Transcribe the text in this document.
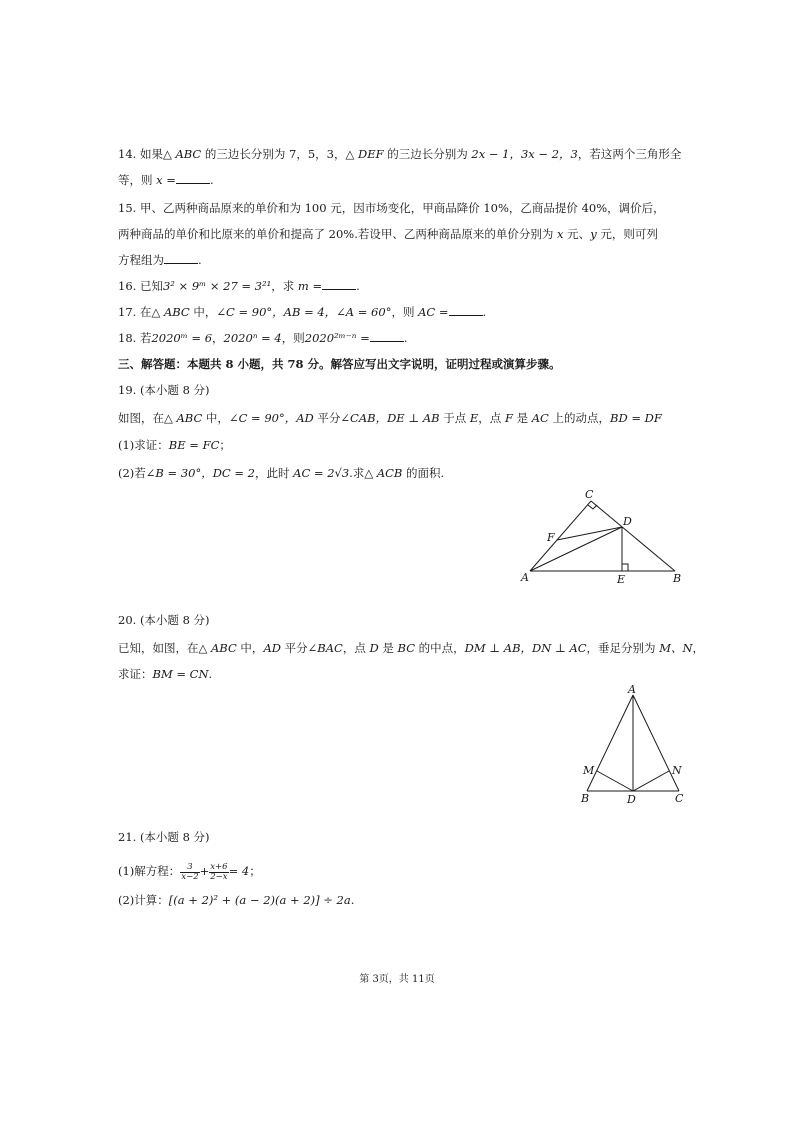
14. 如果△ ABC 的三边长分别为 7，5，3，△ DEF 的三边长分别为 2x − 1，3x − 2，3，若这两个三角形全
等，则 x =	.
15. 甲、乙两种商品原来的单价和为 100 元，因市场变化，甲商品降价 10%，乙商品提价 40%，调价后，
两种商品的单价和比原来的单价和提高了 20%.若设甲、乙两种商品原来的单价分别为 x 元、y 元，则可列
方程组为	.
16. 已知3² × 9ᵐ × 27 = 3²¹，求 m =	.
17. 在△ ABC 中，∠C = 90°，AB = 4，∠A = 60°，则 AC =	.
18. 若2020ᵐ = 6，2020ⁿ = 4，则2020²ᵐ⁻ⁿ =	.
三、解答题：本题共 8 小题，共 78 分。解答应写出文字说明，证明过程或演算步骤。
19. (本小题 8 分)
如图，在△ ABC 中，∠C = 90°，AD 平分∠CAB，DE ⊥ AB 于点 E，点 F 是 AC 上的动点，BD = DF
(1)求证：BE = FC；
(2)若∠B = 30°，DC = 2，此时 AC = 2√3.求△ ACB 的面积.
C
D
F
A	E	B
20. (本小题 8 分)
已知，如图，在△ ABC 中，AD 平分∠BAC，点 D 是 BC 的中点，DM ⊥ AB，DN ⊥ AC，垂足分别为 M、N，
求证：BM = CN.
A
M	N
B	D	C
21. (本小题 8 分)
(1)解方程： $\frac{3}{x-2} + \frac{x+6}{2-x} = 4$；
(2)计算：[(a + 2)² + (a − 2)(a + 2)] ÷ 2a.
第 3页，共 11页
